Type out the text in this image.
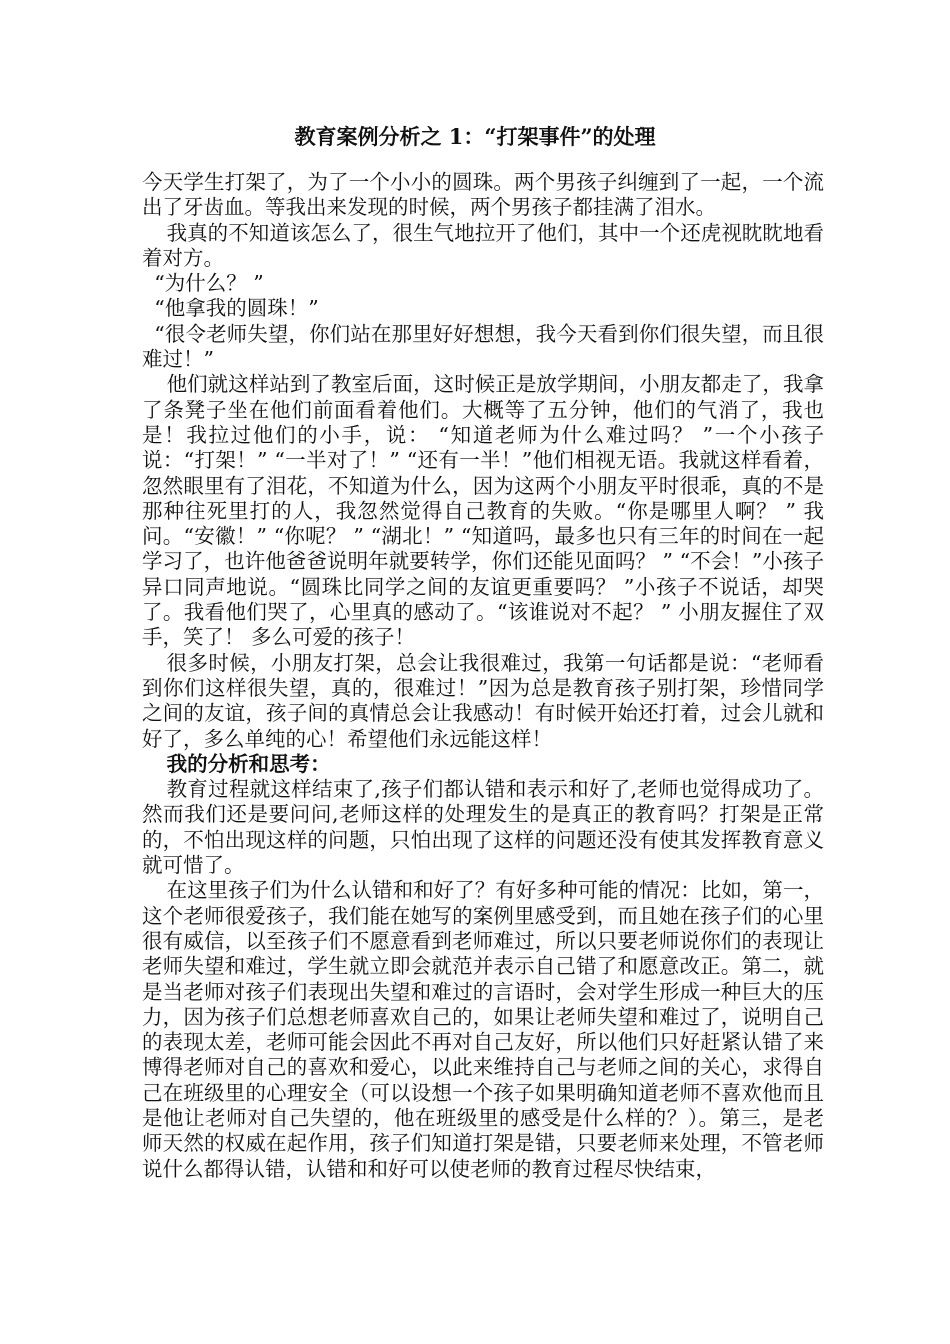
教育案例分析之 1：“打架事件”的处理

今天学生打架了，为了一个小小的圆珠。两个男孩子纠缠到了一起，一个流出了牙齿血。等我出来发现的时候，两个男孩子都挂满了泪水。

我真的不知道该怎么了，很生气地拉开了他们，其中一个还虎视眈眈地看着对方。

“为什么？ ”

“他拿我的圆珠！”

“很令老师失望，你们站在那里好好想想，我今天看到你们很失望，而且很难过！”

他们就这样站到了教室后面，这时候正是放学期间，小朋友都走了，我拿了条凳子坐在他们前面看着他们。大概等了五分钟，他们的气消了，我也是！我拉过他们的小手，说： “知道老师为什么难过吗？ ”一个小孩子说：“打架！” “一半对了！” “还有一半！”他们相视无语。我就这样看着，忽然眼里有了泪花，不知道为什么，因为这两个小朋友平时很乖，真的不是那种往死里打的人，我忽然觉得自己教育的失败。“你是哪里人啊？ ” 我问。“安徽！” “你呢？ ” “湖北！” “知道吗，最多也只有三年的时间在一起学习了，也许他爸爸说明年就要转学，你们还能见面吗？ ” “不会！”小孩子异口同声地说。“圆珠比同学之间的友谊更重要吗？ ”小孩子不说话，却哭了。我看他们哭了，心里真的感动了。“该谁说对不起？ ” 小朋友握住了双手，笑了！ 多么可爱的孩子！

很多时候，小朋友打架，总会让我很难过，我第一句话都是说：“老师看到你们这样很失望，真的，很难过！”因为总是教育孩子别打架，珍惜同学之间的友谊，孩子间的真情总会让我感动！有时候开始还打着，过会儿就和好了，多么单纯的心！希望他们永远能这样！

我的分析和思考：

教育过程就这样结束了,孩子们都认错和表示和好了,老师也觉得成功了。然而我们还是要问问,老师这样的处理发生的是真正的教育吗？打架是正常的，不怕出现这样的问题，只怕出现了这样的问题还没有使其发挥教育意义就可惜了。

在这里孩子们为什么认错和和好了？有好多种可能的情况：比如，第一，这个老师很爱孩子，我们能在她写的案例里感受到，而且她在孩子们的心里很有威信，以至孩子们不愿意看到老师难过，所以只要老师说你们的表现让老师失望和难过，学生就立即会就范并表示自己错了和愿意改正。第二，就是当老师对孩子们表现出失望和难过的言语时，会对学生形成一种巨大的压力，因为孩子们总想老师喜欢自己的，如果让老师失望和难过了，说明自己的表现太差，老师可能会因此不再对自己友好，所以他们只好赶紧认错了来博得老师对自己的喜欢和爱心，以此来维持自己与老师之间的关心，求得自己在班级里的心理安全（可以设想一个孩子如果明确知道老师不喜欢他而且是他让老师对自己失望的，他在班级里的感受是什么样的？）。第三，是老师天然的权威在起作用，孩子们知道打架是错，只要老师来处理，不管老师说什么都得认错，认错和和好可以使老师的教育过程尽快结束，
